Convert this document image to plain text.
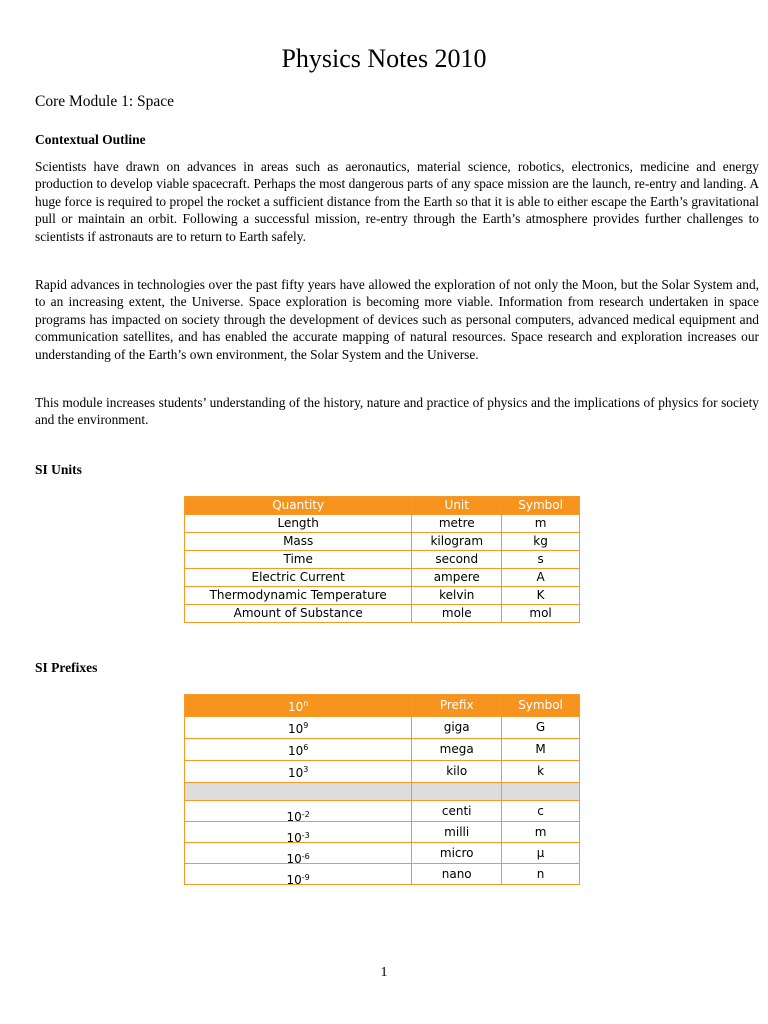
Physics Notes 2010
Core Module 1: Space
Contextual Outline

Scientists have drawn on advances in areas such as aeronautics, material science, robotics, electronics, medicine and energy production to develop viable spacecraft. Perhaps the most dangerous parts of any space mission are the launch, re-entry and landing. A huge force is required to propel the rocket a sufficient distance from the Earth so that it is able to either escape the Earth’s gravitational pull or maintain an orbit. Following a successful mission, re-entry through the Earth’s atmosphere provides further challenges to scientists if astronauts are to return to Earth safely.

Rapid advances in technologies over the past fifty years have allowed the exploration of not only the Moon, but the Solar System and, to an increasing extent, the Universe. Space exploration is becoming more viable. Information from research undertaken in space programs has impacted on society through the development of devices such as personal computers, advanced medical equipment and communication satellites, and has enabled the accurate mapping of natural resources. Space research and exploration increases our understanding of the Earth’s own environment, the Solar System and the Universe.

This module increases students’ understanding of the history, nature and practice of physics and the implications of physics for society and the environment.

SI Units
Quantity	Unit	Symbol
Length	metre	m
Mass	kilogram	kg
Time	second	s
Electric Current	ampere	A
Thermodynamic Temperature	kelvin	K
Amount of Substance	mole	mol
SI Prefixes
10$^n$	Prefix	Symbol
$10^9$	giga	G
$10^6$	mega	M
$10^3$	kilo	k

$10^{-2}$	centi	c
$10^{-3}$	milli	m
$10^{-6}$	micro	µ
$10^{-9}$	nano	n

1
